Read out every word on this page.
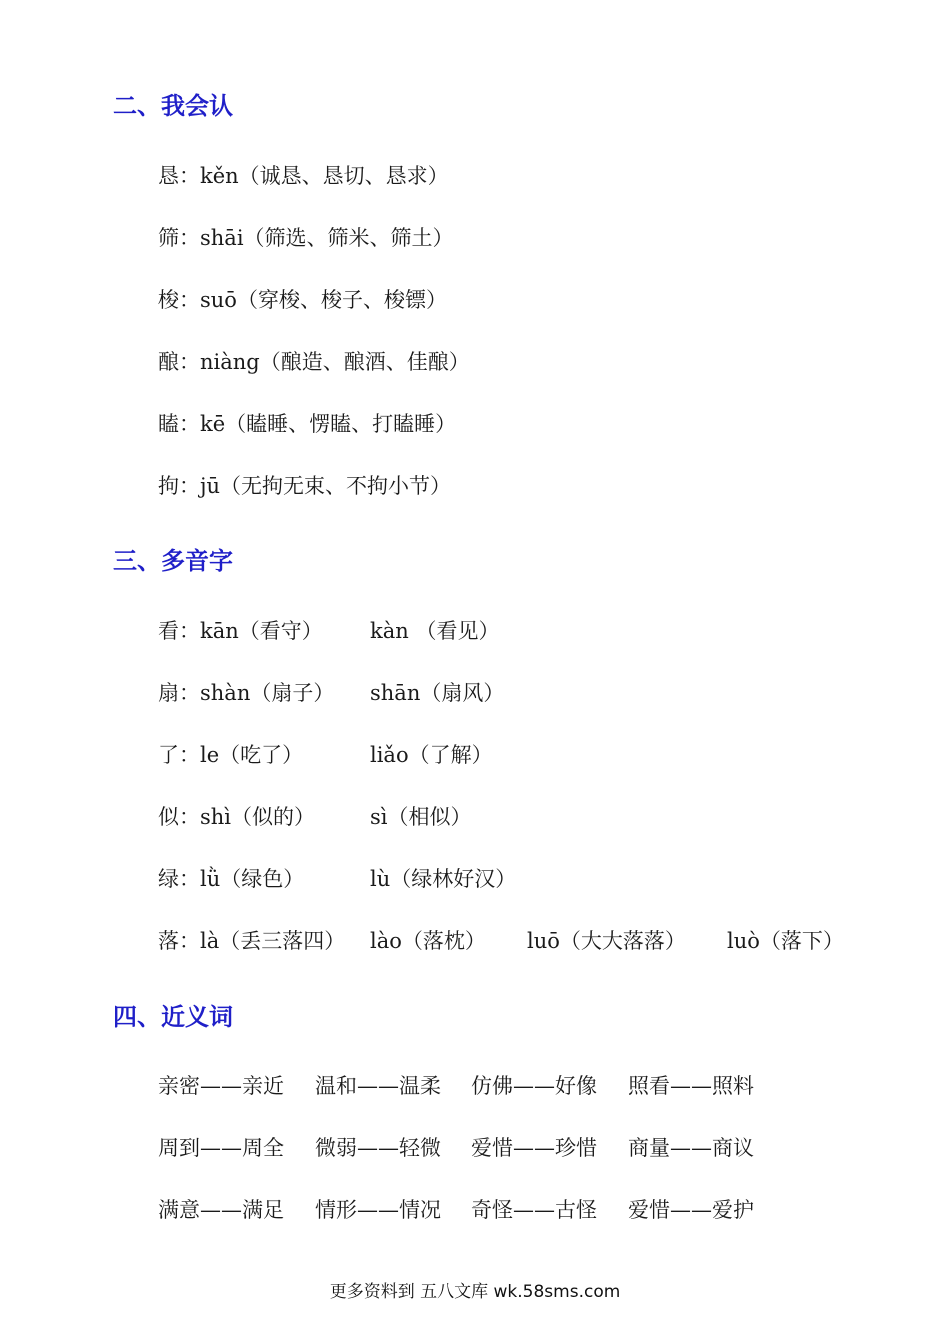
二、我会认
恳：kěn（诚恳、恳切、恳求）
筛：shāi（筛选、筛米、筛土）
梭：suō（穿梭、梭子、梭镖）
酿：niàng（酿造、酿酒、佳酿）
瞌：kē（瞌睡、愣瞌、打瞌睡）
拘：jū（无拘无束、不拘小节）
三、多音字
看：kān（看守） kàn （看见）
扇：shàn（扇子） shān（扇风）
了：le（吃了）	liǎo（了解）
似：shì（似的）	sì（相似）
绿：lǜ（绿色）	lù（绿林好汉）
落：là（丢三落四） lào（落枕） luō（大大落落） luò（落下）
四、近义词
亲密——亲近 温和——温柔 仿佛——好像 照看——照料
周到——周全 微弱——轻微 爱惜——珍惜 商量——商议
满意——满足 情形——情况 奇怪——古怪 爱惜——爱护
更多资料到 五八文库 wk.58sms.com
